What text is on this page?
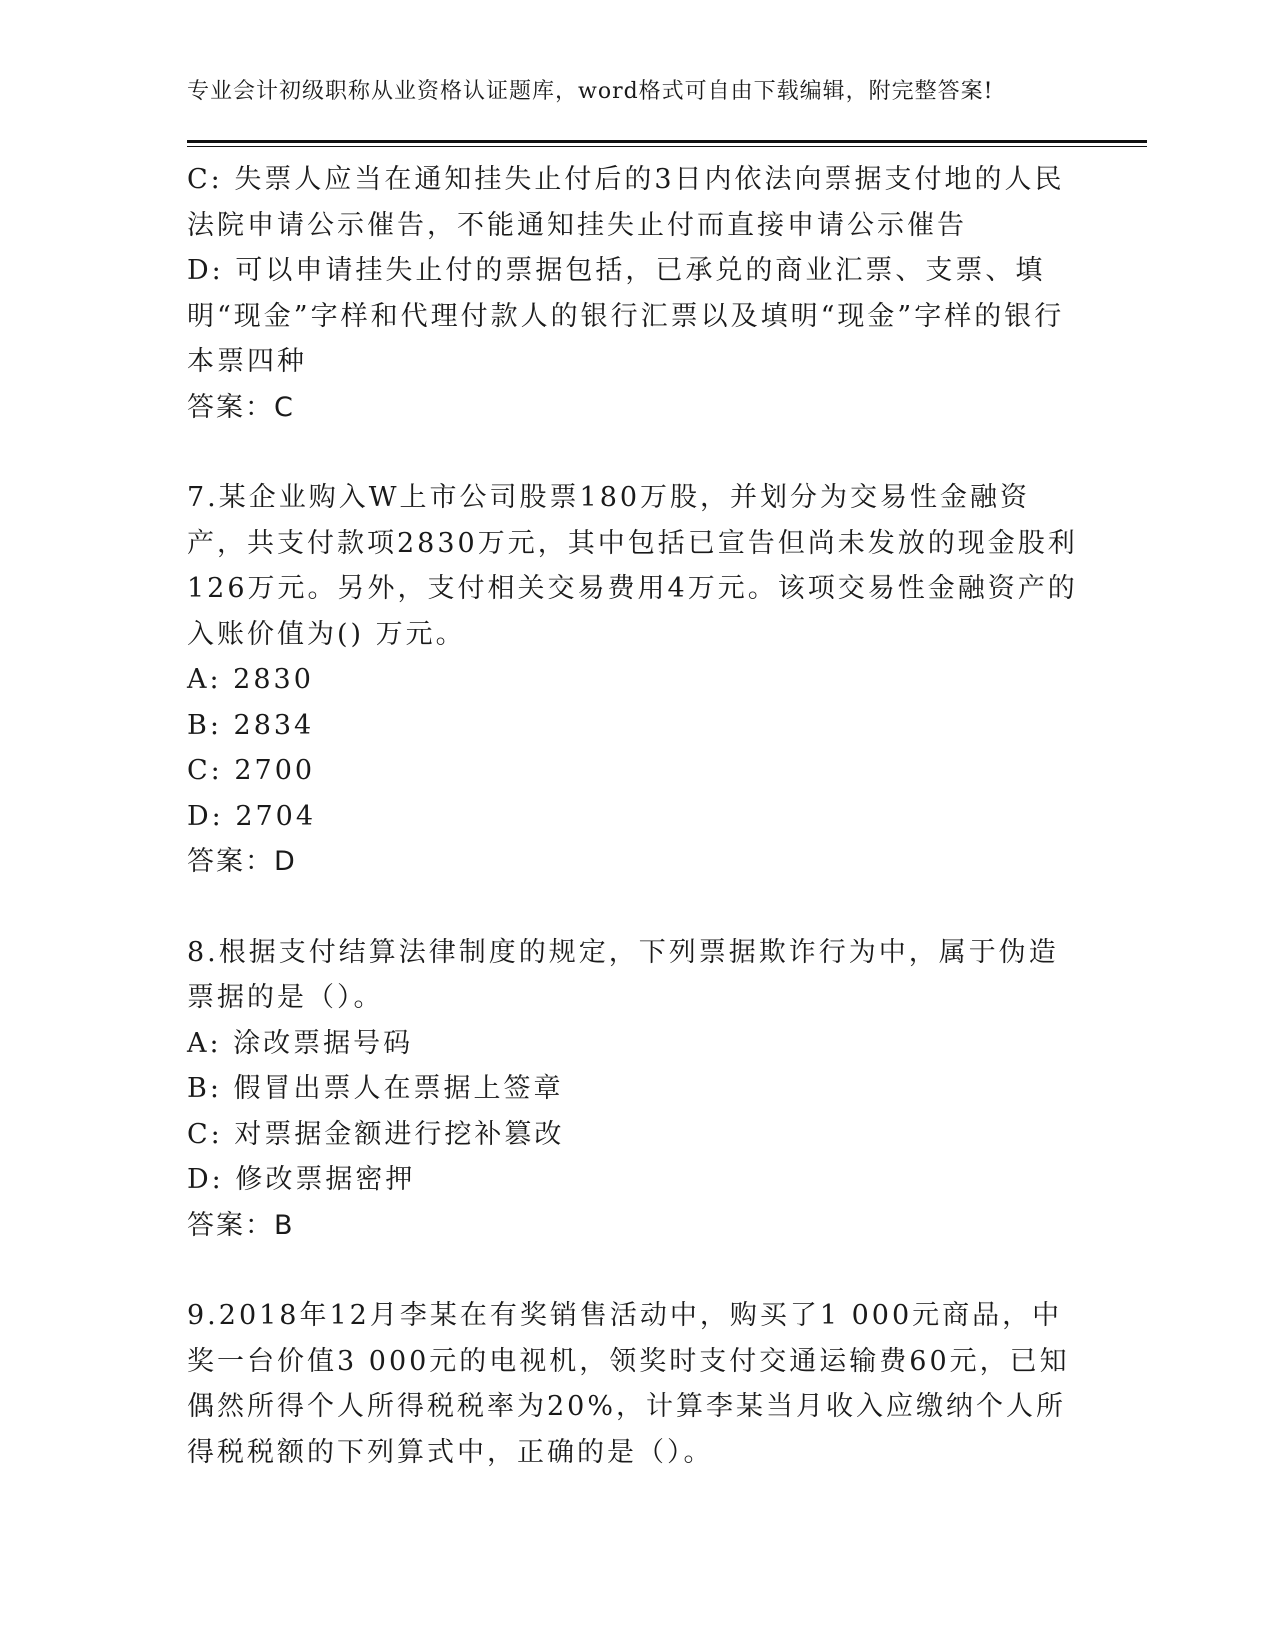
专业会计初级职称从业资格认证题库，word格式可自由下载编辑，附完整答案!

C: 失票人应当在通知挂失止付后的3日内依法向票据支付地的人民法院申请公示催告，不能通知挂失止付而直接申请公示催告

D: 可以申请挂失止付的票据包括，已承兑的商业汇票、支票、填明“现金”字样和代理付款人的银行汇票以及填明“现金”字样的银行本票四种

答案：C

7.某企业购入W上市公司股票180万股，并划分为交易性金融资产，共支付款项2830万元，其中包括已宣告但尚未发放的现金股利126万元。另外，支付相关交易费用4万元。该项交易性金融资产的入账价值为() 万元。

A: 2830

B: 2834

C: 2700

D: 2704

答案：D

8.根据支付结算法律制度的规定，下列票据欺诈行为中，属于伪造票据的是（）。

A: 涂改票据号码

B: 假冒出票人在票据上签章

C: 对票据金额进行挖补篡改

D: 修改票据密押

答案：B

9.2018年12月李某在有奖销售活动中，购买了1 000元商品，中奖一台价值3 000元的电视机，领奖时支付交通运输费60元，已知偶然所得个人所得税税率为20%，计算李某当月收入应缴纳个人所得税税额的下列算式中，正确的是（）。
